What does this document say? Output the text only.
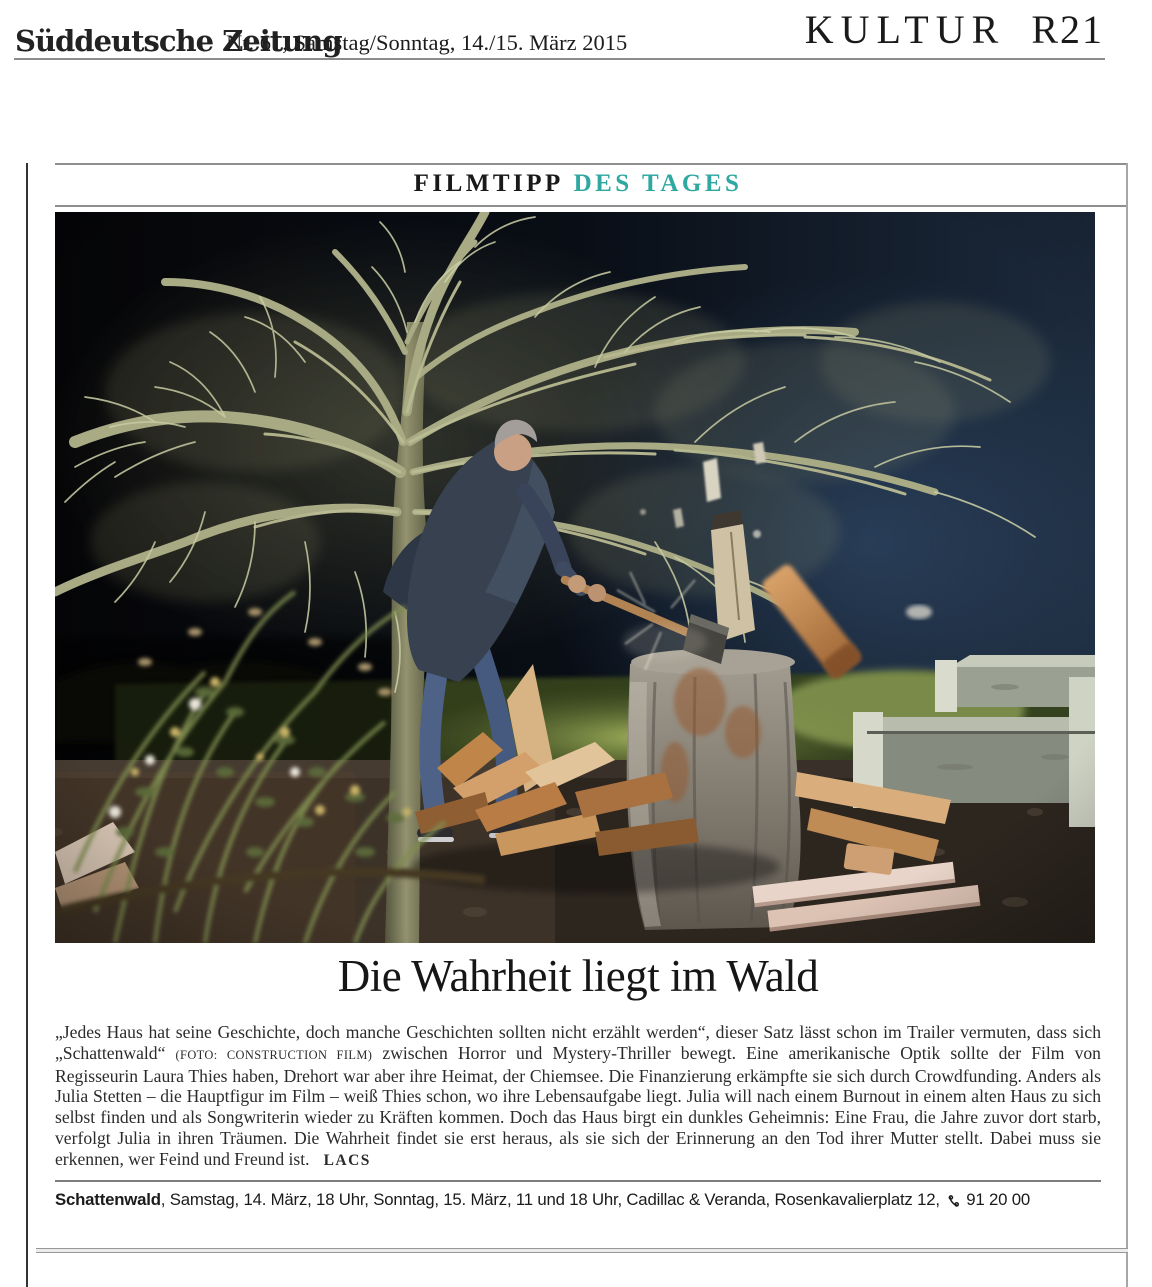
Süddeutsche Zeitung
Nr. 61, Samstag/Sonntag, 14./15. März 2015	KULTUR R21
FILMTIPP DES TAGES
Die Wahrheit liegt im Wald
„Jedes Haus hat seine Geschichte, doch manche Geschichten sollten nicht erzählt werden“, dieser Satz lässt schon im Trailer vermuten, dass sich „Schattenwald“ (FOTO: CONSTRUCTION FILM) zwischen Horror und Mystery-Thriller bewegt. Eine amerikanische Optik sollte der Film von Regisseurin Laura Thies haben, Drehort war aber ihre Heimat, der Chiemsee. Die Finanzierung erkämpfte sie sich durch Crowdfunding. Anders als Julia Stetten – die Hauptfigur im Film – weiß Thies schon, wo ihre Lebensaufgabe liegt. Julia will nach einem Burnout in einem alten Haus zu sich selbst finden und als Songwriterin wieder zu Kräften kommen. Doch das Haus birgt ein dunkles Geheimnis: Eine Frau, die Jahre zuvor dort starb, verfolgt Julia in ihren Träumen. Die Wahrheit findet sie erst heraus, als sie sich der Erinnerung an den Tod ihrer Mutter stellt. Dabei muss sie erkennen, wer Feind und Freund ist. LACS
Schattenwald, Samstag, 14. März, 18 Uhr, Sonntag, 15. März, 11 und 18 Uhr, Cadillac & Veranda, Rosenkavalierplatz 12, 91 20 00
